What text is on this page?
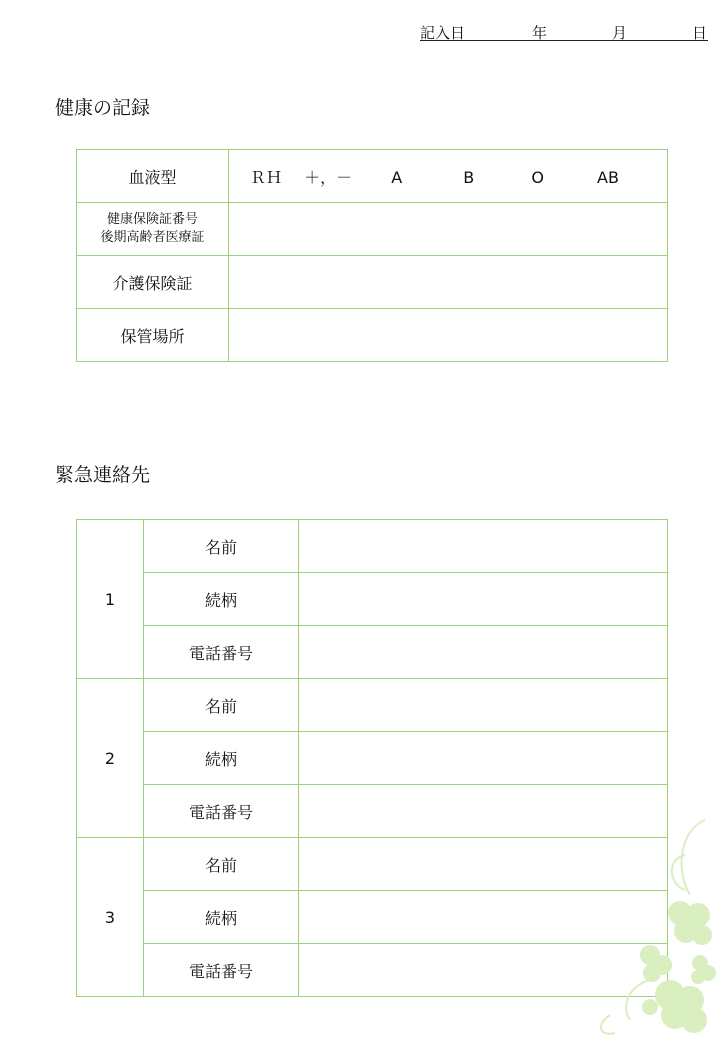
記入日	年	月	日
健康の記録
血液型	ＲＨ ＋，－ A B O AB

健康保険証番号
後期高齢者医療証	

介護保険証	
保管場所	
緊急連絡先
1	名前	
	続柄	
	電話番号	
2	名前	
	続柄	
	電話番号	
3	名前	
	続柄	
	電話番号	
